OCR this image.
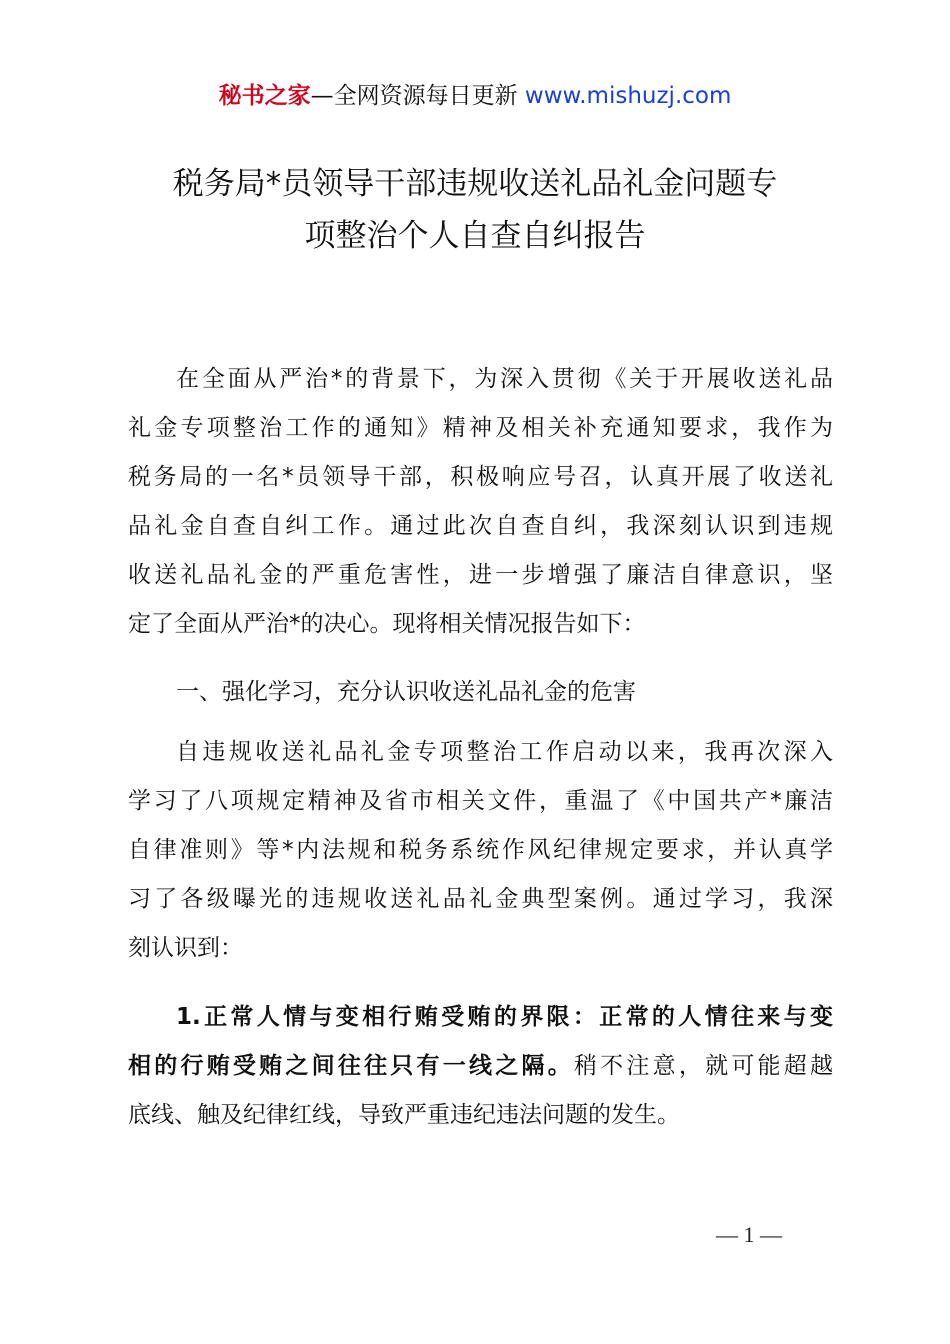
秘书之家—全网资源每日更新 www.mishuzj.com
税务局*员领导干部违规收送礼品礼金问题专
项整治个人自查自纠报告
在全面从严治*的背景下，为深入贯彻《关于开展收送礼品
礼金专项整治工作的通知》精神及相关补充通知要求，我作为
税务局的一名*员领导干部，积极响应号召，认真开展了收送礼
品礼金自查自纠工作。通过此次自查自纠，我深刻认识到违规
收送礼品礼金的严重危害性，进一步增强了廉洁自律意识，坚
定了全面从严治*的决心。现将相关情况报告如下：
一、强化学习，充分认识收送礼品礼金的危害
自违规收送礼品礼金专项整治工作启动以来，我再次深入
学习了八项规定精神及省市相关文件，重温了《中国共产*廉洁
自律准则》等*内法规和税务系统作风纪律规定要求，并认真学
习了各级曝光的违规收送礼品礼金典型案例。通过学习，我深
刻认识到：
1.正常人情与变相行贿受贿的界限：正常的人情往来与变
相的行贿受贿之间往往只有一线之隔。稍不注意，就可能超越
底线、触及纪律红线，导致严重违纪违法问题的发生。
— 1 —
